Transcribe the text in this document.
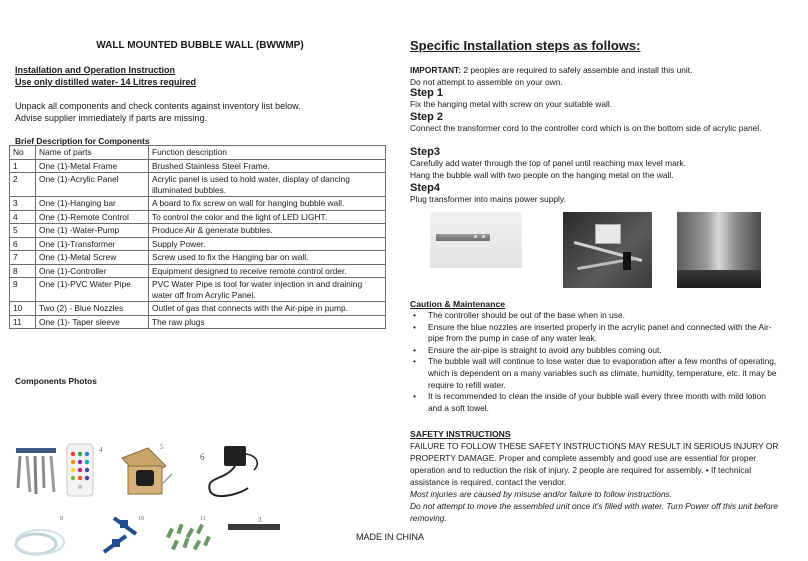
WALL MOUNTED BUBBLE WALL (BWWMP)
Installation and Operation Instruction
Use only distilled water- 14 Litres required
Unpack all components and check contents against inventory list below.
Advise supplier immediately if parts are missing.
Brief Description for Components
No	Name of parts	Function description
1	One (1)-Metal Frame	Brushed Stainless Steel Frame.
2	One (1)-Acrylic Panel	Acrylic panel is used to hold water, display of dancing illuminated bubbles.
3	One (1)-Hanging bar	A board to fix screw on wall for hanging bubble wall.
4	One (1)-Remote Control	To control the color and the light of LED LIGHT.
5	One (1) -Water-Pump	Produce Air & generate bubbles.
6	One (1)-Transformer	Supply Power.
7	One (1)-Metal Screw	Screw used to fix the Hanging bar on wall.
8	One (1)-Controller	Equipment designed to receive remote control order.
9	One (1)-PVC Water Pipe	PVC Water Pipe is tool for water injection in and draining water off from Acrylic Panel.
10	Two (2) - Blue Nozzles	Outlet of gas that connects with the Air-pipe in pump.
11	One (1)- Taper sleeve	The raw plugs
Components Photos
4	5
6
9	10	11	3
Specific Installation steps as follows:
IMPORTANT: 2 peoples are required to safely assemble and install this unit.
Do not attempt to assemble on your own.
Step 1
Fix the hanging metal with screw on your suitable wall.
Step 2
Connect the transformer cord to the controller cord which is on the bottom side of acrylic panel.
Step3
Carefully add water through the top of panel until reaching max level mark.
Hang the bubble wall with two people on the hanging metal on the wall.
Step4
Plug transformer into mains power supply.
Caution & Maintenance
• The controller should be out of the base when in use.
• Ensure the blue nozzles are inserted properly in the acrylic panel and connected with the Air-pipe from the pump in case of any water leak.
• Ensure the air-pipe is straight to avoid any bubbles coming out.
• The bubble wall will continue to lose water due to evaporation after a few months of operating, which is dependent on a many variables such as climate, humidity, temperature, etc. it may be require to refill water.
• It is recommended to clean the inside of your bubble wall every three month with mild lotion and a soft towel.
SAFETY INSTRUCTIONS
FAILURE TO FOLLOW THESE SAFETY INSTRUCTIONS MAY RESULT IN SERIOUS INJURY OR PROPERTY DAMAGE. Proper and complete assembly and good use are essential for proper operation and to reduction the risk of injury. 2 people are required for assembly. • If technical assistance is required, contact the vendor.
Most injuries are caused by misuse and/or failure to follow instructions.
Do not attempt to move the assembled unit once it's filled with water. Turn Power off this unit before removing.
MADE IN CHINA
